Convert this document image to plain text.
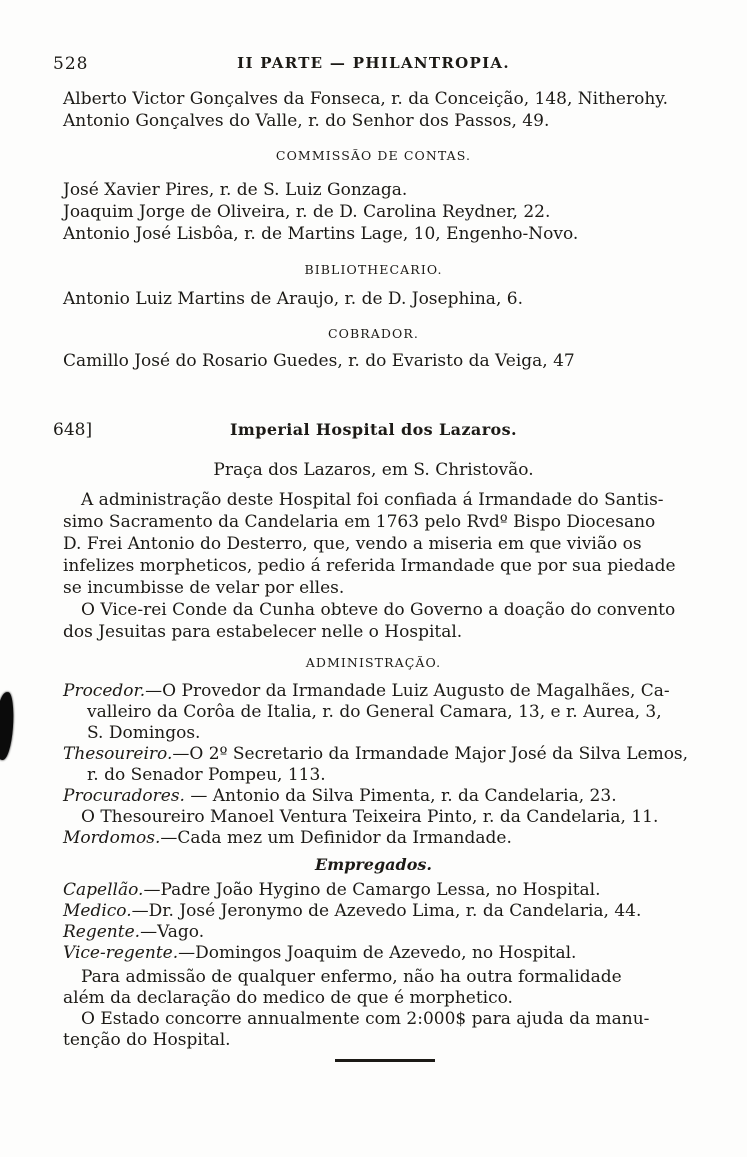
528	II PARTE — PHILANTROPIA.
Alberto Victor Gonçalves da Fonseca, r. da Conceição, 148, Nitherohy.
Antonio Gonçalves do Valle, r. do Senhor dos Passos, 49.
COMMISSÃO DE CONTAS.
José Xavier Pires, r. de S. Luiz Gonzaga.
Joaquim Jorge de Oliveira, r. de D. Carolina Reydner, 22.
Antonio José Lisbôa, r. de Martins Lage, 10, Engenho-Novo.
BIBLIOTHECARIO.
Antonio Luiz Martins de Araujo, r. de D. Josephina, 6.
COBRADOR.
Camillo José do Rosario Guedes, r. do Evaristo da Veiga, 47
648]	Imperial Hospital dos Lazaros.
Praça dos Lazaros, em S. Christovão.
A administração deste Hospital foi confiada á Irmandade do Santis-
simo Sacramento da Candelaria em 1763 pelo Rvdº Bispo Diocesano
D. Frei Antonio do Desterro, que, vendo a miseria em que vivião os
infelizes morpheticos, pedio á referida Irmandade que por sua piedade
se incumbisse de velar por elles.
O Vice-rei Conde da Cunha obteve do Governo a doação do convento
dos Jesuitas para estabelecer nelle o Hospital.
ADMINISTRAÇÃO.
Procedor.—O Provedor da Irmandade Luiz Augusto de Magalhães, Ca-
valleiro da Corôa de Italia, r. do General Camara, 13, e r. Aurea, 3,
S. Domingos.
Thesoureiro.—O 2º Secretario da Irmandade Major José da Silva Lemos,
r. do Senador Pompeu, 113.
Procuradores. — Antonio da Silva Pimenta, r. da Candelaria, 23.
O Thesoureiro Manoel Ventura Teixeira Pinto, r. da Candelaria, 11.
Mordomos.—Cada mez um Definidor da Irmandade.
Empregados.
Capellão.—Padre João Hygino de Camargo Lessa, no Hospital.
Medico.—Dr. José Jeronymo de Azevedo Lima, r. da Candelaria, 44.
Regente.—Vago.
Vice-regente.—Domingos Joaquim de Azevedo, no Hospital.
Para admissão de qualquer enfermo, não ha outra formalidade
além da declaração do medico de que é morphetico.
O Estado concorre annualmente com 2:000$ para ajuda da manu-
tenção do Hospital.
